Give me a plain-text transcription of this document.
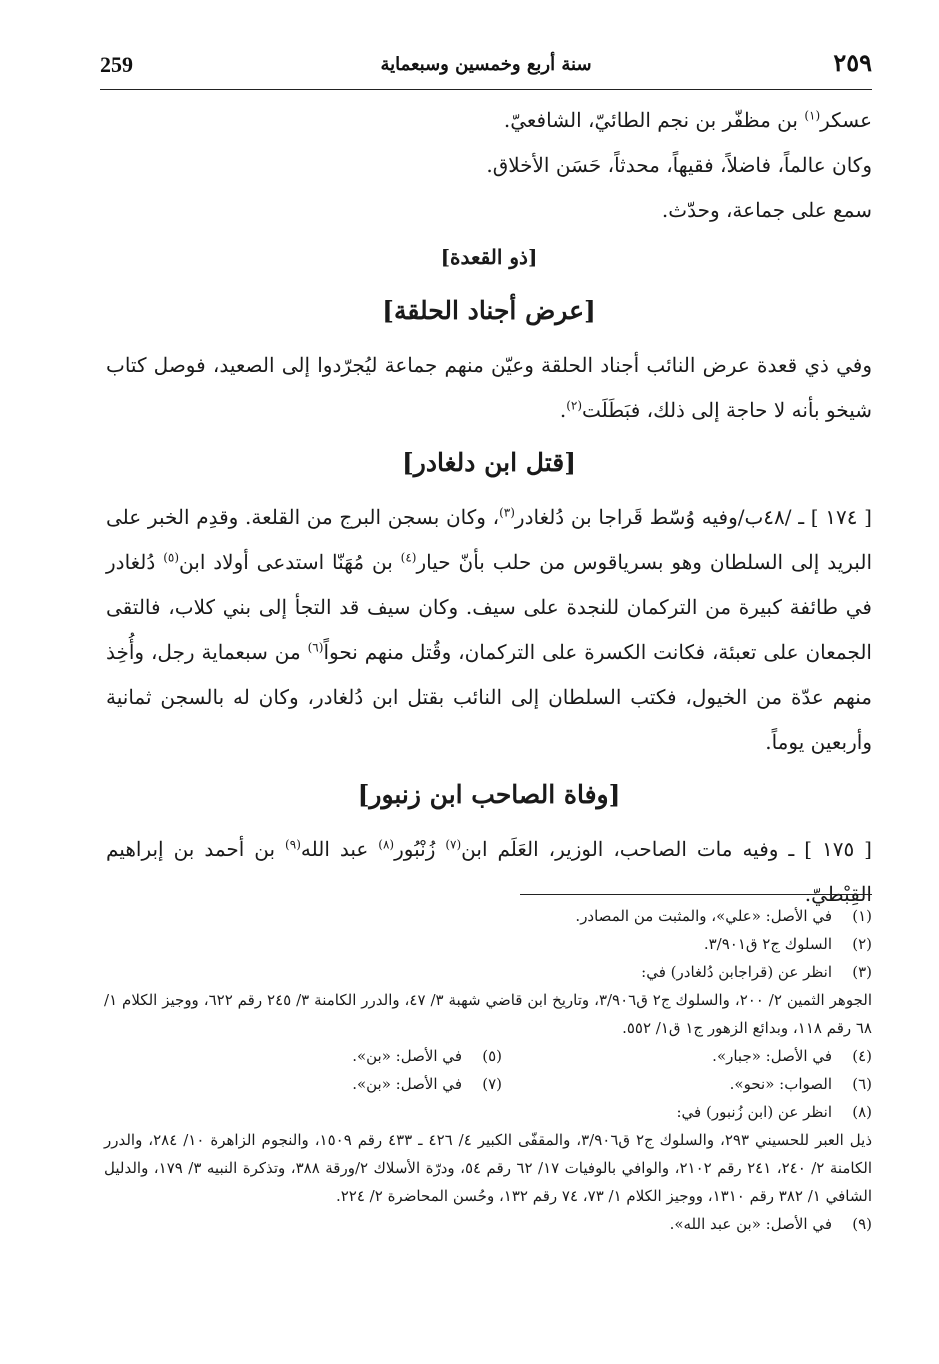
259	سنة أربع وخمسين وسبعماية	٢٥٩

عسكر$^{(١)}$ بن مظفّر بن نجم الطائيّ، الشافعيّ.

وكان عالماً، فاضلاً، فقيهاً، محدثاً، حَسَن الأخلاق.

سمع على جماعة، وحدّث.

[ذو القعدة]
[عرض أجناد الحلقة]

وفي ذي قعدة عرض النائب أجناد الحلقة وعيّن منهم جماعة ليُجرّدوا إلى الصعيد، فوصل كتاب شيخو بأنه لا حاجة إلى ذلك، فبَطَلَت$^{(٢)}$.

[قتل ابن دلغادر]

[ ١٧٤ ] ـ /٤٨ب/وفيه وُسّط قَراجا بن دُلغادر$^{(٣)}$، وكان بسجن البرج من القلعة. وقدِم الخبر على البريد إلى السلطان وهو بسرياقوس من حلب بأنّ حيار$^{(٤)}$ بن مُهَنّا استدعى أولاد ابن$^{(٥)}$ دُلغادر في طائفة كبيرة من التركمان للنجدة على سيف. وكان سيف قد التجأ إلى بني كلاب، فالتقى الجمعان على تعبئة، فكانت الكسرة على التركمان، وقُتل منهم نحواً$^{(٦)}$ من سبعماية رجل، وأُخِذ منهم عدّة من الخيول، فكتب السلطان إلى النائب بقتل ابن دُلغادر، وكان له بالسجن ثمانية وأربعين يوماً.

[وفاة الصاحب ابن زنبور]

[ ١٧٥ ] ـ وفيه مات الصاحب، الوزير، العَلَم ابن$^{(٧)}$ زُنْبُور$^{(٨)}$ عبد الله$^{(٩)}$ بن أحمد بن إبراهيم القِبْطيّ.

(١)
في الأصل: «علي»، والمثبت من المصادر.
(٢)
السلوك ج٢ ق٣/٩٠١.
(٣)
انظر عن (قراجابن دُلغادر) في:
الجوهر الثمين ٢/ ٢٠٠، والسلوك ج٢ ق٣/٩٠٦، وتاريخ ابن قاضي شهبة ٣/ ٤٧، والدرر الكامنة ٣/ ٢٤٥ رقم ٦٢٢، ووجيز الكلام ١/ ٦٨ رقم ١١٨، وبدائع الزهور ج١ ق١/ ٥٥٢.
(٤)
في الأصل: «جبار».
(٥)
في الأصل: «بن».
(٦)
الصواب: «نحو».
(٧)
في الأصل: «بن».
(٨)
انظر عن (ابن زُنبور) في:
ذيل العبر للحسيني ٢٩٣، والسلوك ج٢ ق٣/٩٠٦، والمقفّى الكبير ٤/ ٤٢٦ ـ ٤٣٣ رقم ١٥٠٩، والنجوم الزاهرة ١٠/ ٢٨٤، والدرر الكامنة ٢/ ٢٤٠، ٢٤١ رقم ٢١٠٢، والوافي بالوفيات ١٧/ ٦٢ رقم ٥٤، ودرّة الأسلاك ٢/ورقة ٣٨٨، وتذكرة النبيه ٣/ ١٧٩، والدليل الشافي ١/ ٣٨٢ رقم ١٣١٠، ووجيز الكلام ١/ ٧٣، ٧٤ رقم ١٣٢، وحُسن المحاضرة ٢/ ٢٢٤.
(٩)
في الأصل: «بن عبد الله».
